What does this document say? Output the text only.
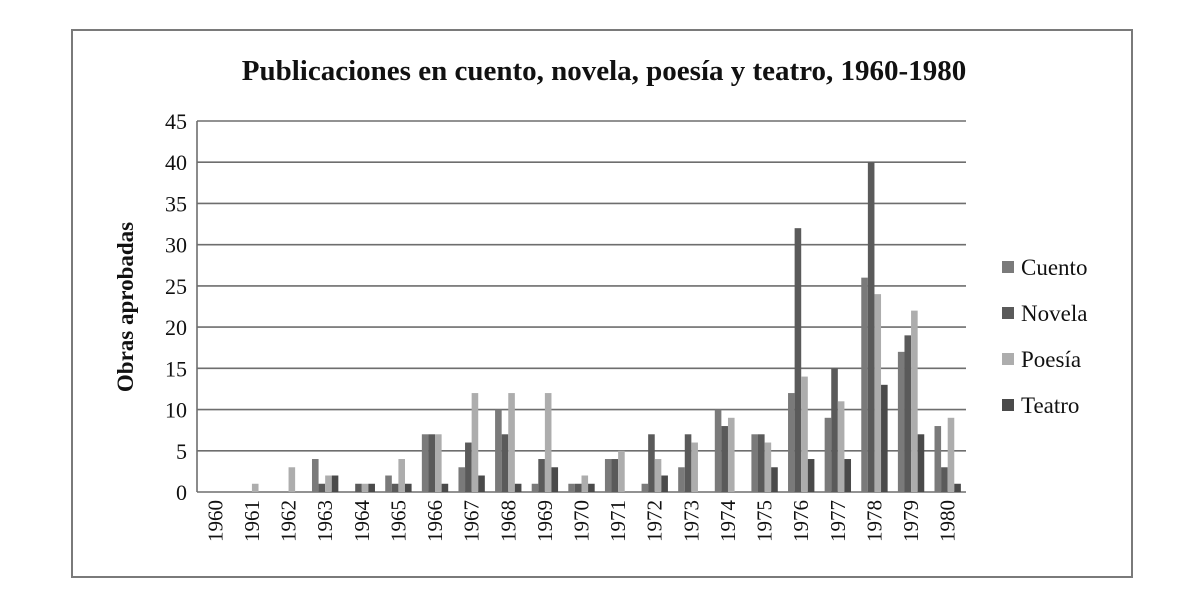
Publicaciones en cuento, novela, poesía y teatro, 1960-1980
Obras aprobadas
0
5
10
15
20
25
30
35
40
45
1960 1961 1962 1963 1964 1965 1966 1967 1968 1969 1970 1971 1972 1973 1974 1975 1976 1977 1978 1979 1980
Cuento
Novela
Poesía
Teatro
